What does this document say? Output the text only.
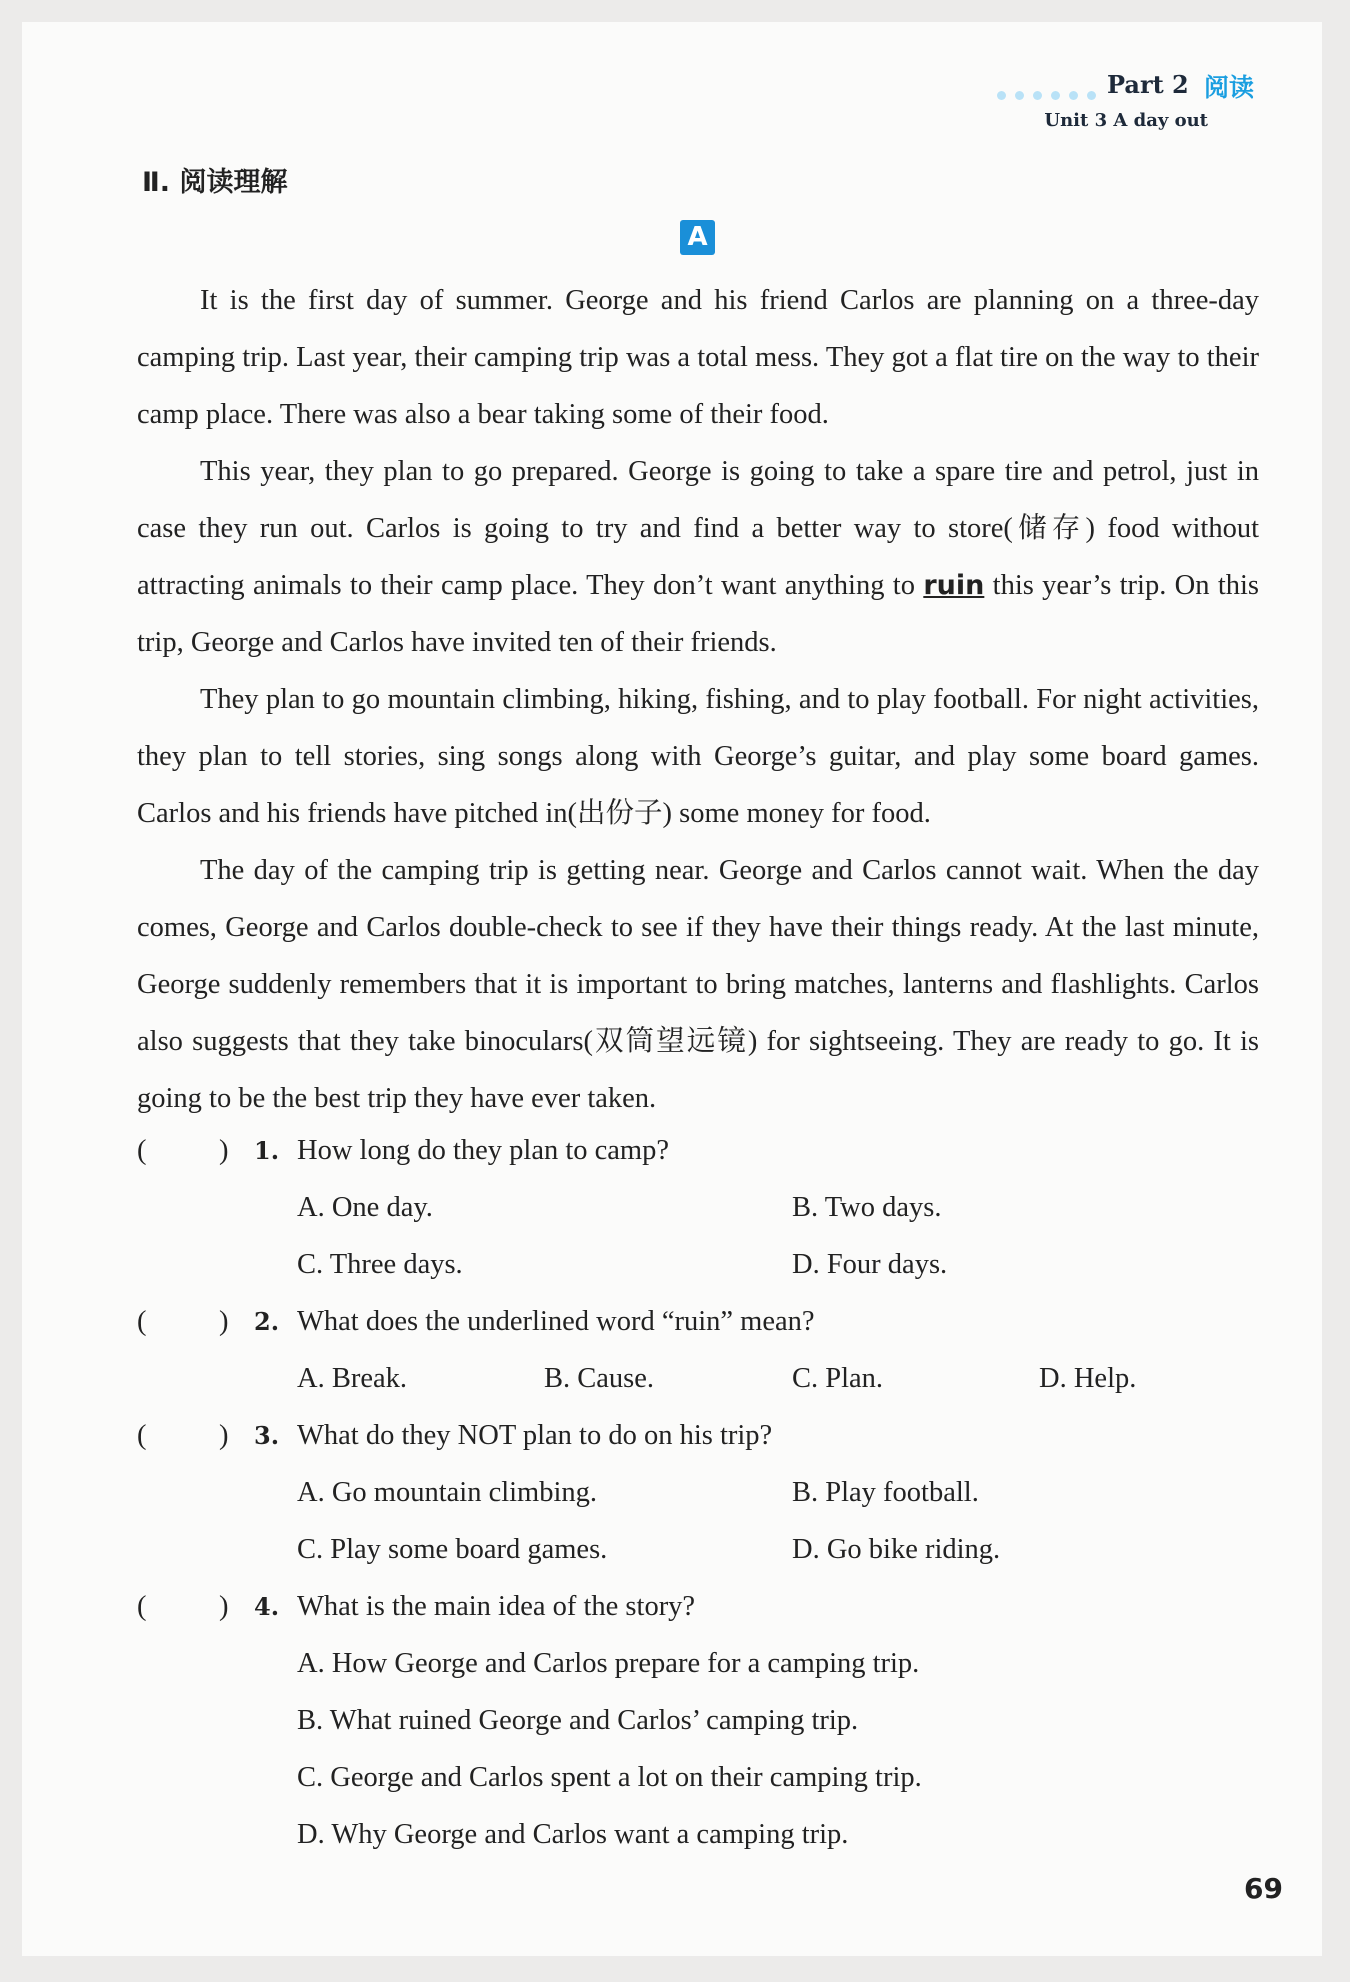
Part 2 阅读
Unit 3 A day out
Ⅱ. 阅读理解
A

It is the first day of summer. George and his friend Carlos are planning on a three-day camping trip. Last year, their camping trip was a total mess. They got a flat tire on the way to their camp place. There was also a bear taking some of their food.

This year, they plan to go prepared. George is going to take a spare tire and petrol, just in case they run out. Carlos is going to try and find a better way to store(储存) food without attracting animals to their camp place. They don’t want anything to ruin this year’s trip. On this trip, George and Carlos have invited ten of their friends.

They plan to go mountain climbing, hiking, fishing, and to play football. For night activities, they plan to tell stories, sing songs along with George’s guitar, and play some board games. Carlos and his friends have pitched in(出份子) some money for food.

The day of the camping trip is getting near. George and Carlos cannot wait. When the day comes, George and Carlos double-check to see if they have their things ready. At the last minute, George suddenly remembers that it is important to bring matches, lanterns and flashlights. Carlos also suggests that they take binoculars(双筒望远镜) for sightseeing. They are ready to go. It is going to be the best trip they have ever taken.

(	) 1. How long do they plan to camp?
A. One day.	B. Two days.
C. Three days.	D. Four days.
(	) 2. What does the underlined word “ruin” mean?
A. Break.	B. Cause.	C. Plan.	D. Help.
(	) 3. What do they NOT plan to do on his trip?
A. Go mountain climbing.	B. Play football.
C. Play some board games.	D. Go bike riding.
(	) 4. What is the main idea of the story?
A. How George and Carlos prepare for a camping trip.
B. What ruined George and Carlos’ camping trip.
C. George and Carlos spent a lot on their camping trip.
D. Why George and Carlos want a camping trip.
69
